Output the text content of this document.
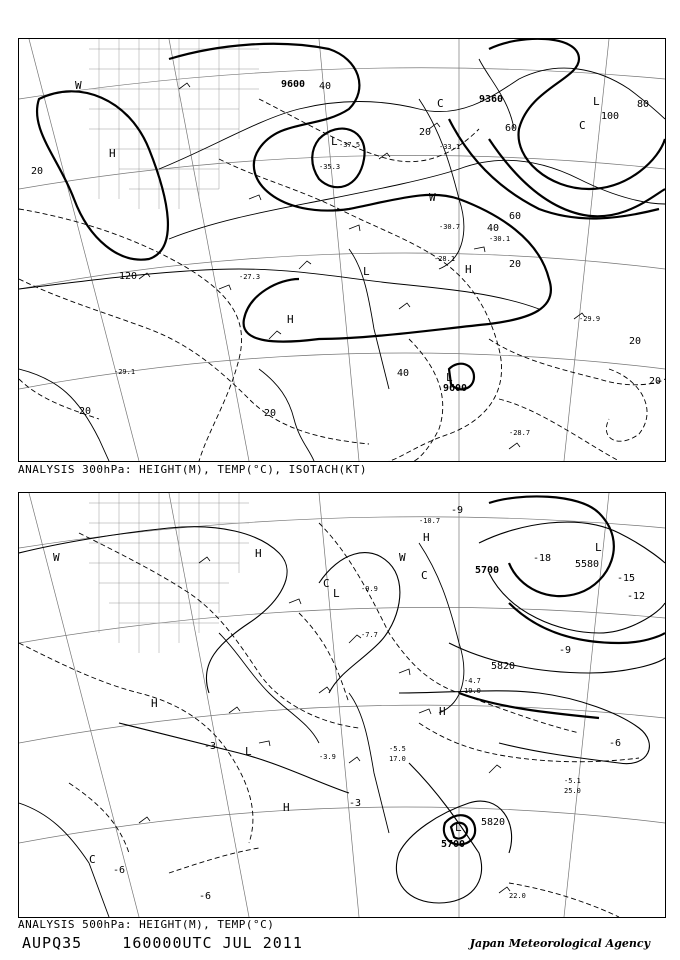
-33.1
-35.3
-37.5
-30.7
-29.9
-28.7
-27.3
-29.1
-28.1
-30.1
9600
9360
9600
20
40
60
80
100
120
20
40
20	20
20
20
60
40
20
H
H
H
L
L
L
L
W
W
C
C
ANALYSIS 300hPa: HEIGHT(M), TEMP(°C), ISOTACH(KT)
-10.7
-9.9
-7.7
-5.5
-4.7
-3.9
-5.1
22.0
25.0
17.0
19.0
5700
5580
5820
5820
5700
-3
-3
-6
-6
-6
-9
-9
-12
-15
-18
H
H
H
H
H
L
L
L
L
W	W
C
C
C
ANALYSIS 500hPa: HEIGHT(M), TEMP(°C)
AUPQ35    160000UTC JUL 2011	Japan Meteorological Agency
